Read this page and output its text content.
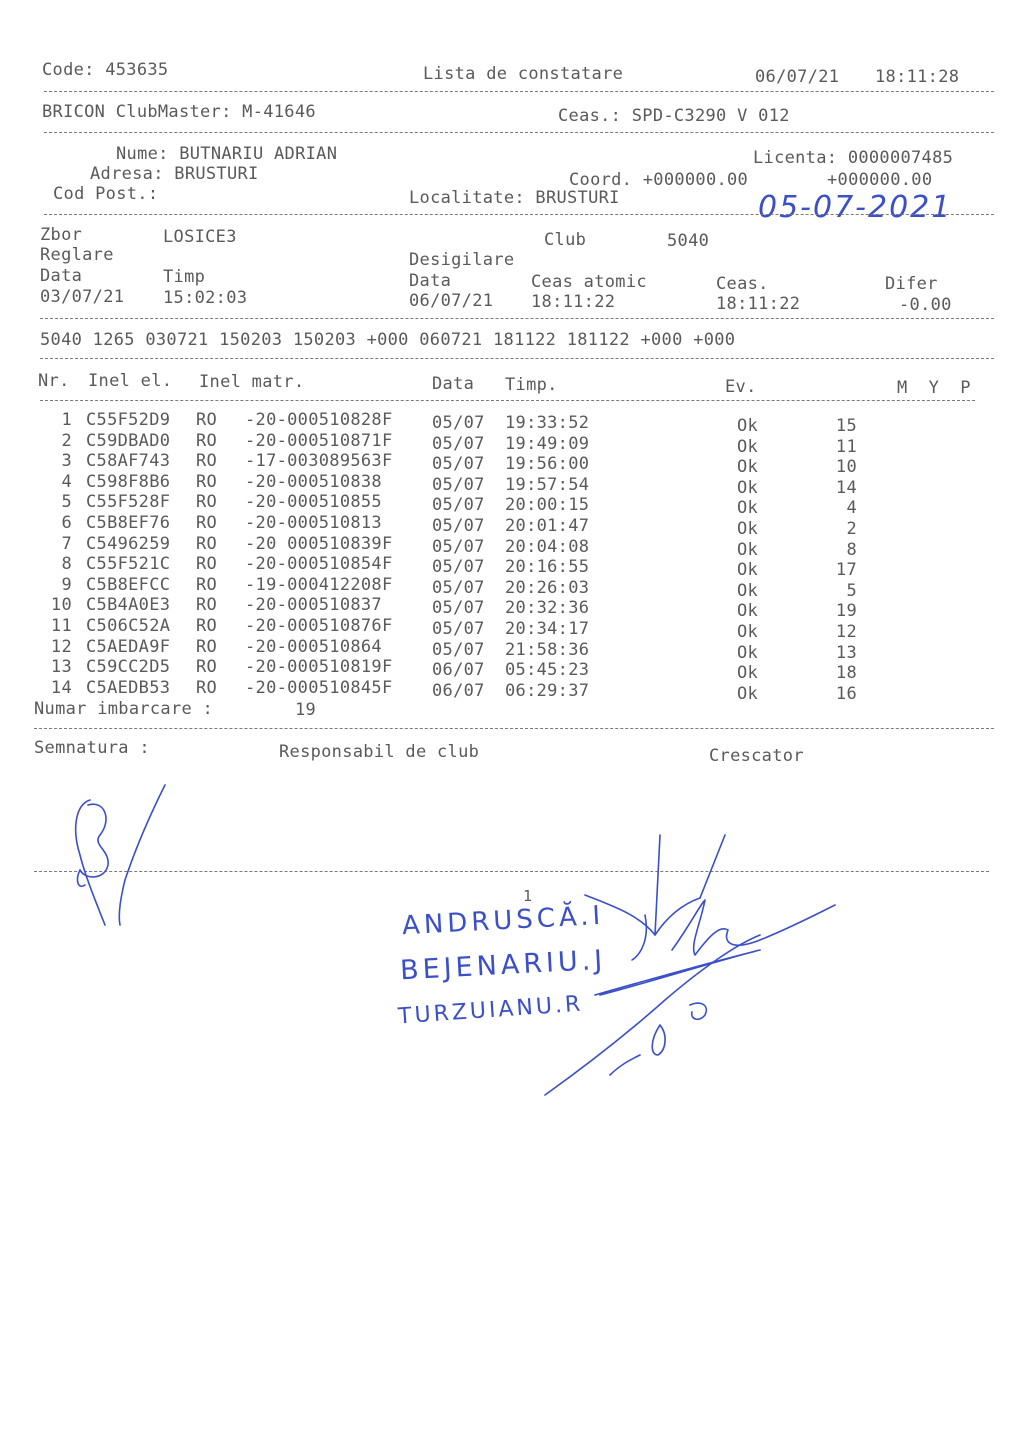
Code: 453635	Lista de constatare	06/07/21 18:11:28
BRICON ClubMaster: M-41646	Ceas.: SPD-C3290 V 012
Nume: BUTNARIU ADRIAN	Licenta: 0000007485
Adresa: BRUSTURI	Coord. +000000.00	+000000.00
Cod Post.:	Localitate: BRUSTURI	05-07-2021
Zbor	LOSICE3	Club	5040
Reglare	Desigilare
Data	Timp	Data	Ceas atomic	Ceas.	Difer
03/07/21 15:02:03	06/07/21 18:11:22	18:11:22	-0.00
5040 1265 030721 150203 150203 +000 060721 181122 181122 +000 +000
Nr. Inel el. Inel matr.	Data Timp.	Ev.	M  Y  P
1 C55F52D9 RO -20-000510828F 05/07 19:33:52	Ok	15
2 C59DBAD0 RO -20-000510871F 05/07 19:49:09	Ok	11
3 C58AF743 RO -17-003089563F 05/07 19:56:00	Ok	10
4 C598F8B6 RO -20-000510838	05/07 19:57:54	Ok	14
5 C55F528F RO -20-000510855	05/07 20:00:15	Ok	4
6 C5B8EF76 RO -20-000510813	05/07 20:01:47	Ok	2
7 C5496259 RO -20 000510839F 05/07 20:04:08	Ok	8
8 C55F521C RO -20-000510854F 05/07 20:16:55	Ok	17
9 C5B8EFCC RO -19-000412208F 05/07 20:26:03	Ok	5
10 C5B4A0E3 RO -20-000510837	05/07 20:32:36	Ok	19
11 C506C52A RO -20-000510876F 05/07 20:34:17	Ok	12
12 C5AEDA9F RO -20-000510864	05/07 21:58:36	Ok	13
13 C59CC2D5 RO -20-000510819F 06/07 05:45:23	Ok	18
14 C5AEDB53 RO -20-000510845F 06/07 06:29:37	Ok	16
Numar imbarcare :	19
Semnatura :	Responsabil de club	Crescator
1
ANDRUSCĂ.I
BEJENARIU.J
TURZUIANU.R
